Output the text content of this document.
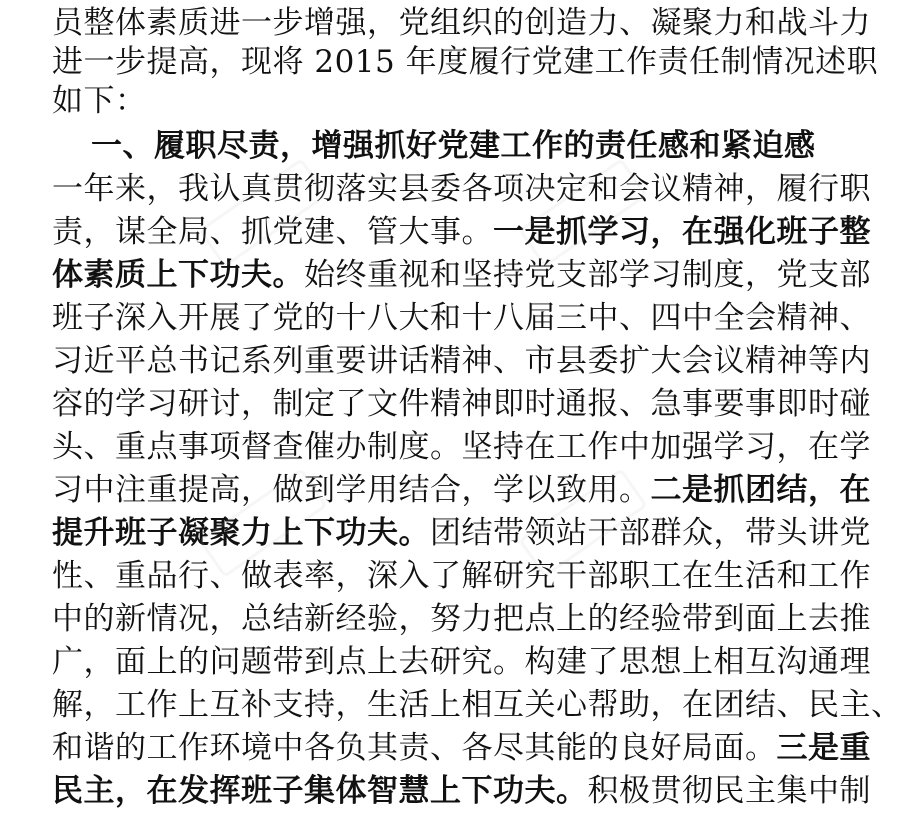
员整体素质进一步增强，党组织的创造力、凝聚力和战斗力
进一步提高，现将 2015 年度履行党建工作责任制情况述职
如下：
一、履职尽责，增强抓好党建工作的责任感和紧迫感
一年来，我认真贯彻落实县委各项决定和会议精神，履行职
责，谋全局、抓党建、管大事。一是抓学习，在强化班子整
体素质上下功夫。始终重视和坚持党支部学习制度，党支部
班子深入开展了党的十八大和十八届三中、四中全会精神、
习近平总书记系列重要讲话精神、市县委扩大会议精神等内
容的学习研讨，制定了文件精神即时通报、急事要事即时碰
头、重点事项督查催办制度。坚持在工作中加强学习，在学
习中注重提高，做到学用结合，学以致用。二是抓团结，在
提升班子凝聚力上下功夫。团结带领站干部群众，带头讲党
性、重品行、做表率，深入了解研究干部职工在生活和工作
中的新情况，总结新经验，努力把点上的经验带到面上去推
广，面上的问题带到点上去研究。构建了思想上相互沟通理
解，工作上互补支持，生活上相互关心帮助，在团结、民主、
和谐的工作环境中各负其责、各尽其能的良好局面。三是重
民主，在发挥班子集体智慧上下功夫。积极贯彻民主集中制
